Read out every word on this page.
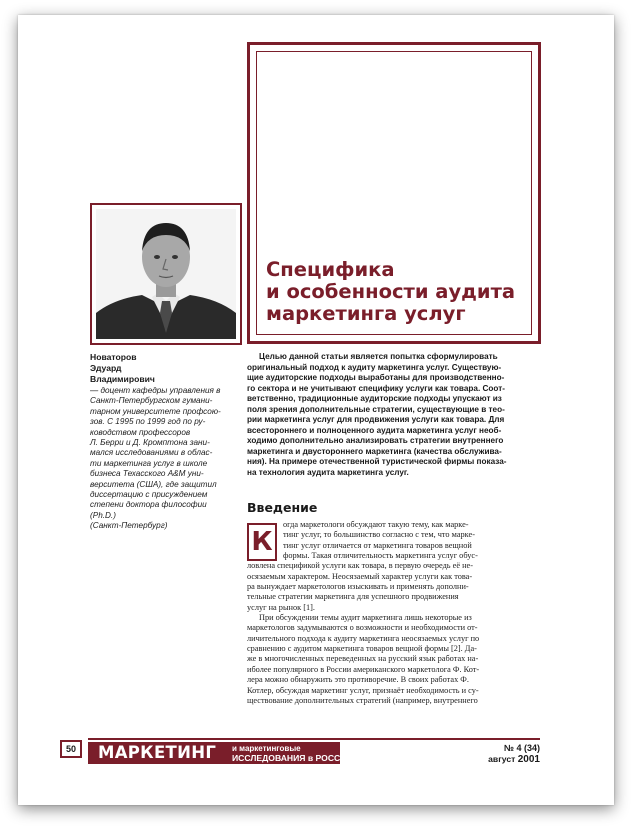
Специфика
и особенности аудита
маркетинга услуг

Новаторов
Эдуард
Владимирович

— доцент кафедры управления в
Санкт-Петербургском гумани-
тарном университете профсою-
зов. С 1995 по 1999 год по ру-
ководством профессоров
Л. Берри и Д. Кромптона зани-
мался исследованиями в облас-
ти маркетинга услуг в школе
бизнеса Техасского A&M уни-
верситета (США), где защитил
диссертацию с присуждением
степени доктора философии
(Ph.D.)
(Санкт-Петербург)

Целью данной статьи является попытка сформулировать
оригинальный подход к аудиту маркетинга услуг. Существую-
щие аудиторские подходы выработаны для производственно-
го сектора и не учитывают специфику услуги как товара. Соот-
ветственно, традиционные аудиторские подходы упускают из
поля зрения дополнительные стратегии, существующие в тео-
рии маркетинга услуг для продвижения услуги как товара. Для
всестороннего и полноценного аудита маркетинга услуг необ-
ходимо дополнительно анализировать стратегии внутреннего
маркетинга и двустороннего маркетинга (качества обслужива-
ния). На примере отечественной туристической фирмы показа-
на технология аудита маркетинга услуг.

Введение
К

огда маркетологи обсуждают такую тему, как марке-
тинг услуг, то большинство согласно с тем, что марке-
тинг услуг отличается от маркетинга товаров вещной
формы. Такая отличительность маркетинга услуг обус-
ловлена спецификой услуги как товара, в первую очередь её не-
осязаемым характером. Неосязаемый характер услуги как това-
ра вынуждает маркетологов изыскивать и применять дополни-
тельные стратегии маркетинга для успешного продвижения
услуг на рынок [1].
При обсуждении темы аудит маркетинга лишь некоторые из
маркетологов задумываются о возможности и необходимости от-
личительного подхода к аудиту маркетинга неосязаемых услуг по
сравнению с аудитом маркетинга товаров вещной формы [2]. Да-
же в многочисленных переведенных на русский язык работах на-
иболее популярного в России американского маркетолога Ф. Кот-
лера можно обнаружить это противоречие. В своих работах Ф.
Котлер, обсуждая маркетинг услуг, признаёт необходимость и су-
ществование дополнительных стратегий (например, внутреннего

50	МАРКЕТИНГ и маркетинговые
ИССЛЕДОВАНИЯ в РОССИИ
№ 4 (34)
август 2001
